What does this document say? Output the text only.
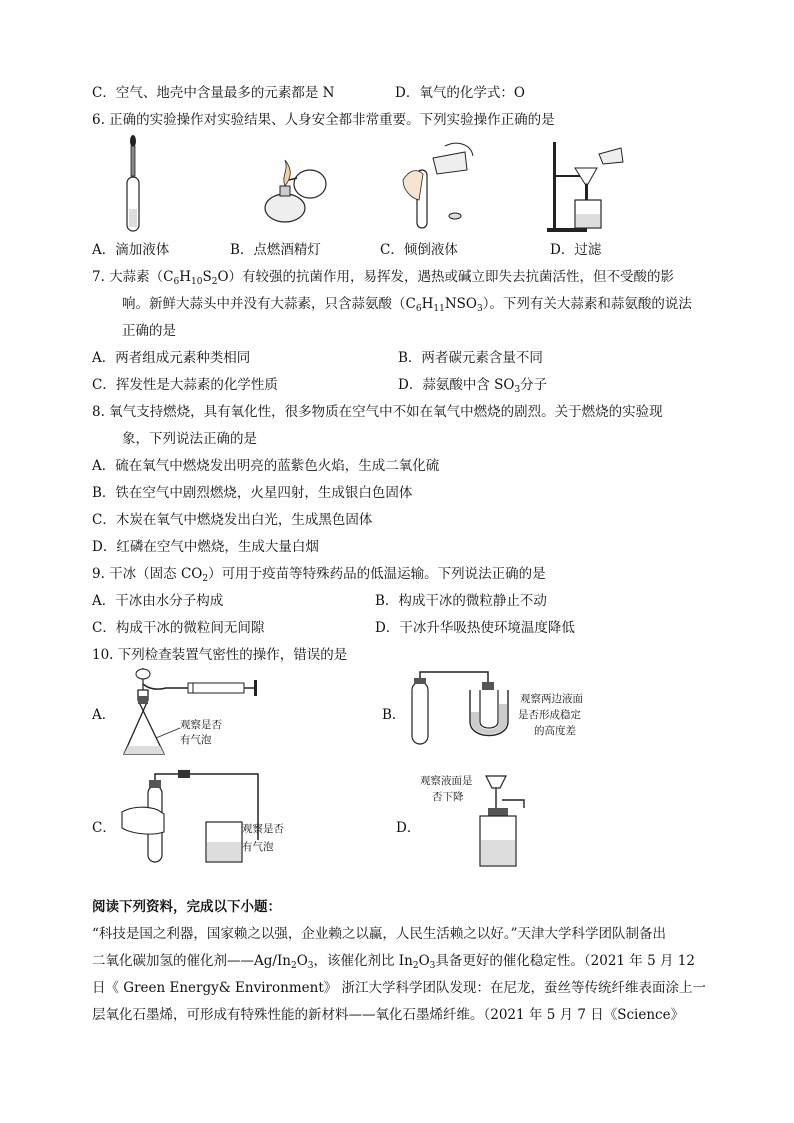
C．空气、地壳中含量最多的元素都是 N	D．氧气的化学式：O
6. 正确的实验操作对实验结果、人身安全都非常重要。下列实验操作正确的是
A．滴加液体	B．点燃酒精灯	C．倾倒液体	D．过滤
7. 大蒜素$(C_6H_{10}S_2O)$有较强的抗菌作用，易挥发，遇热或碱立即失去抗菌活性，但不受酸的影
响。新鲜大蒜头中并没有大蒜素，只含蒜氨酸$(C_6H_{11}NSO_3)$。下列有关大蒜素和蒜氨酸的说法
正确的是
A．两者组成元素种类相同	B．两者碳元素含量不同
C．挥发性是大蒜素的化学性质	D．蒜氨酸中含 $SO_3$分子
8. 氧气支持燃烧，具有氧化性，很多物质在空气中不如在氧气中燃烧的剧烈。关于燃烧的实验现
象，下列说法正确的是
A．硫在氧气中燃烧发出明亮的蓝紫色火焰，生成二氧化硫
B．铁在空气中剧烈燃烧，火星四射，生成银白色固体
C．木炭在氧气中燃烧发出白光，生成黑色固体
D．红磷在空气中燃烧，生成大量白烟
9. 干冰（固态 $CO_2$）可用于疫苗等特殊药品的低温运输。下列说法正确的是
A．干冰由水分子构成	B．构成干冰的微粒静止不动
C．构成干冰的微粒间无间隙	D．干冰升华吸热使环境温度降低
10. 下列检查装置气密性的操作，错误的是
A．
观察是否
有气泡
B．
观察两边液面
是否形成稳定
的高度差
C．	观察是否
有气泡
D．
观察液面是
否下降
阅读下列资料，完成以下小题：
“科技是国之利器，国家赖之以强，企业赖之以赢，人民生活赖之以好。”天津大学科学团队制备出
二氧化碳加氢的催化剂$——Ag/In_2O_3$，该催化剂比 $In_2O_3$具备更好的催化稳定性。（2021 年 5 月 12
日《 Green Energy& Environment》 浙江大学科学团队发现：在尼龙，蚕丝等传统纤维表面涂上一
层氧化石墨烯，可形成有特殊性能的新材料——氧化石墨烯纤维。（2021 年 5 月 7 日《Science》
